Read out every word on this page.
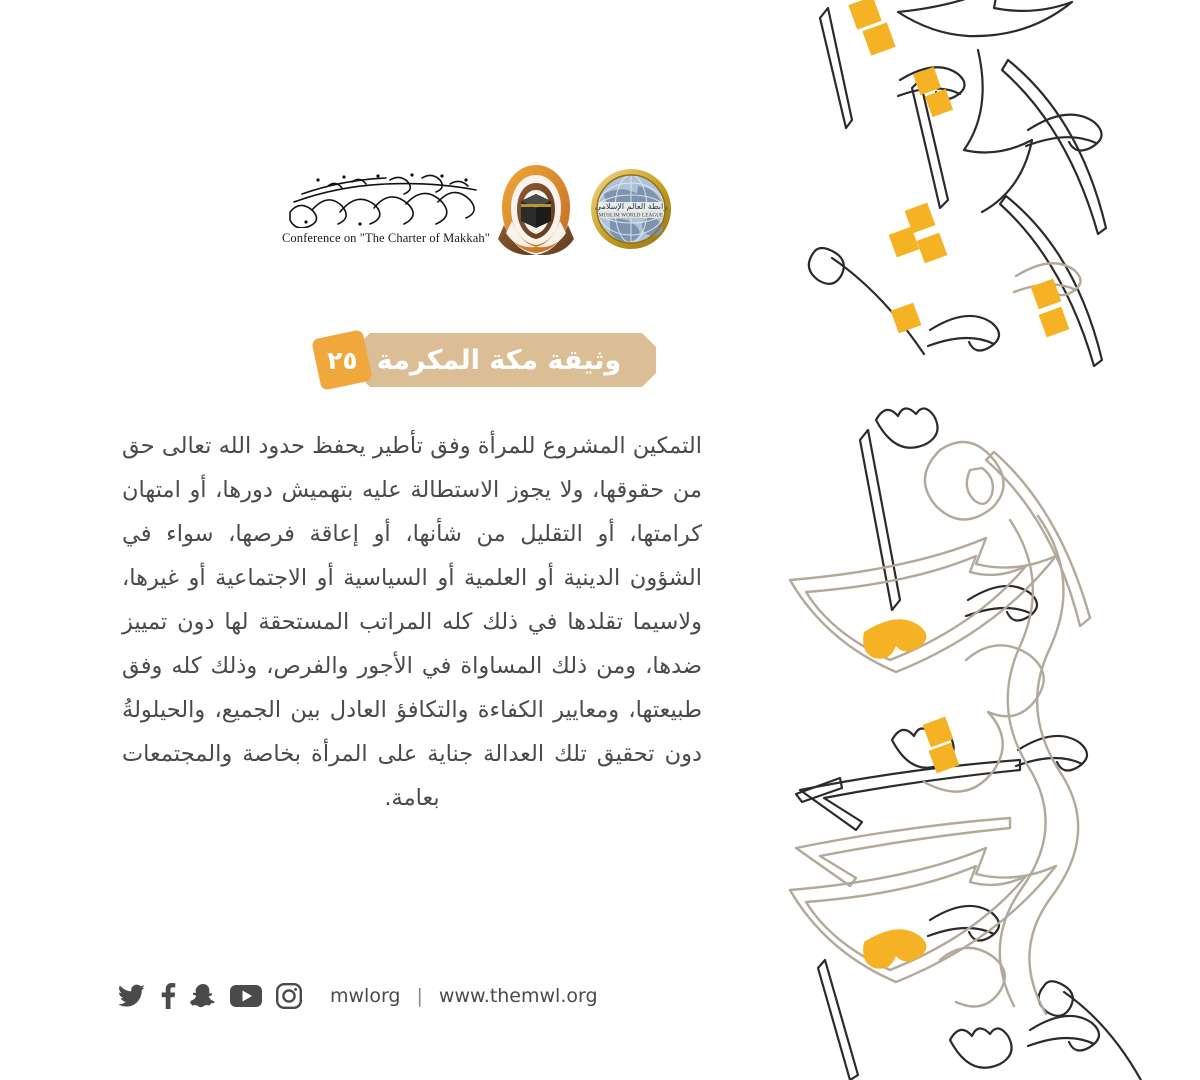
Conference on "The Charter of Makkah"
رابطة العالم الإسلامي
MUSLIM WORLD LEAGUE
٢٥ وثيقة مكة المكرمة

التمكين المشروع للمرأة وفق تأطير يحفظ حدود الله تعالى حق من حقوقها، ولا يجوز الاستطالة عليه بتهميش دورها، أو امتهان كرامتها، أو التقليل من شأنها، أو إعاقة فرصها، سواء في الشؤون الدينية أو العلمية أو السياسية أو الاجتماعية أو غيرها، ولاسيما تقلدها في ذلك كله المراتب المستحقة لها دون تمييز ضدها، ومن ذلك المساواة في الأجور والفرص، وذلك كله وفق طبيعتها، ومعايير الكفاءة والتكافؤ العادل بين الجميع، والحيلولةُ دون تحقيق تلك العدالة جناية على المرأة بخاصة والمجتمعات بعامة.

mwlorg | www.themwl.org
